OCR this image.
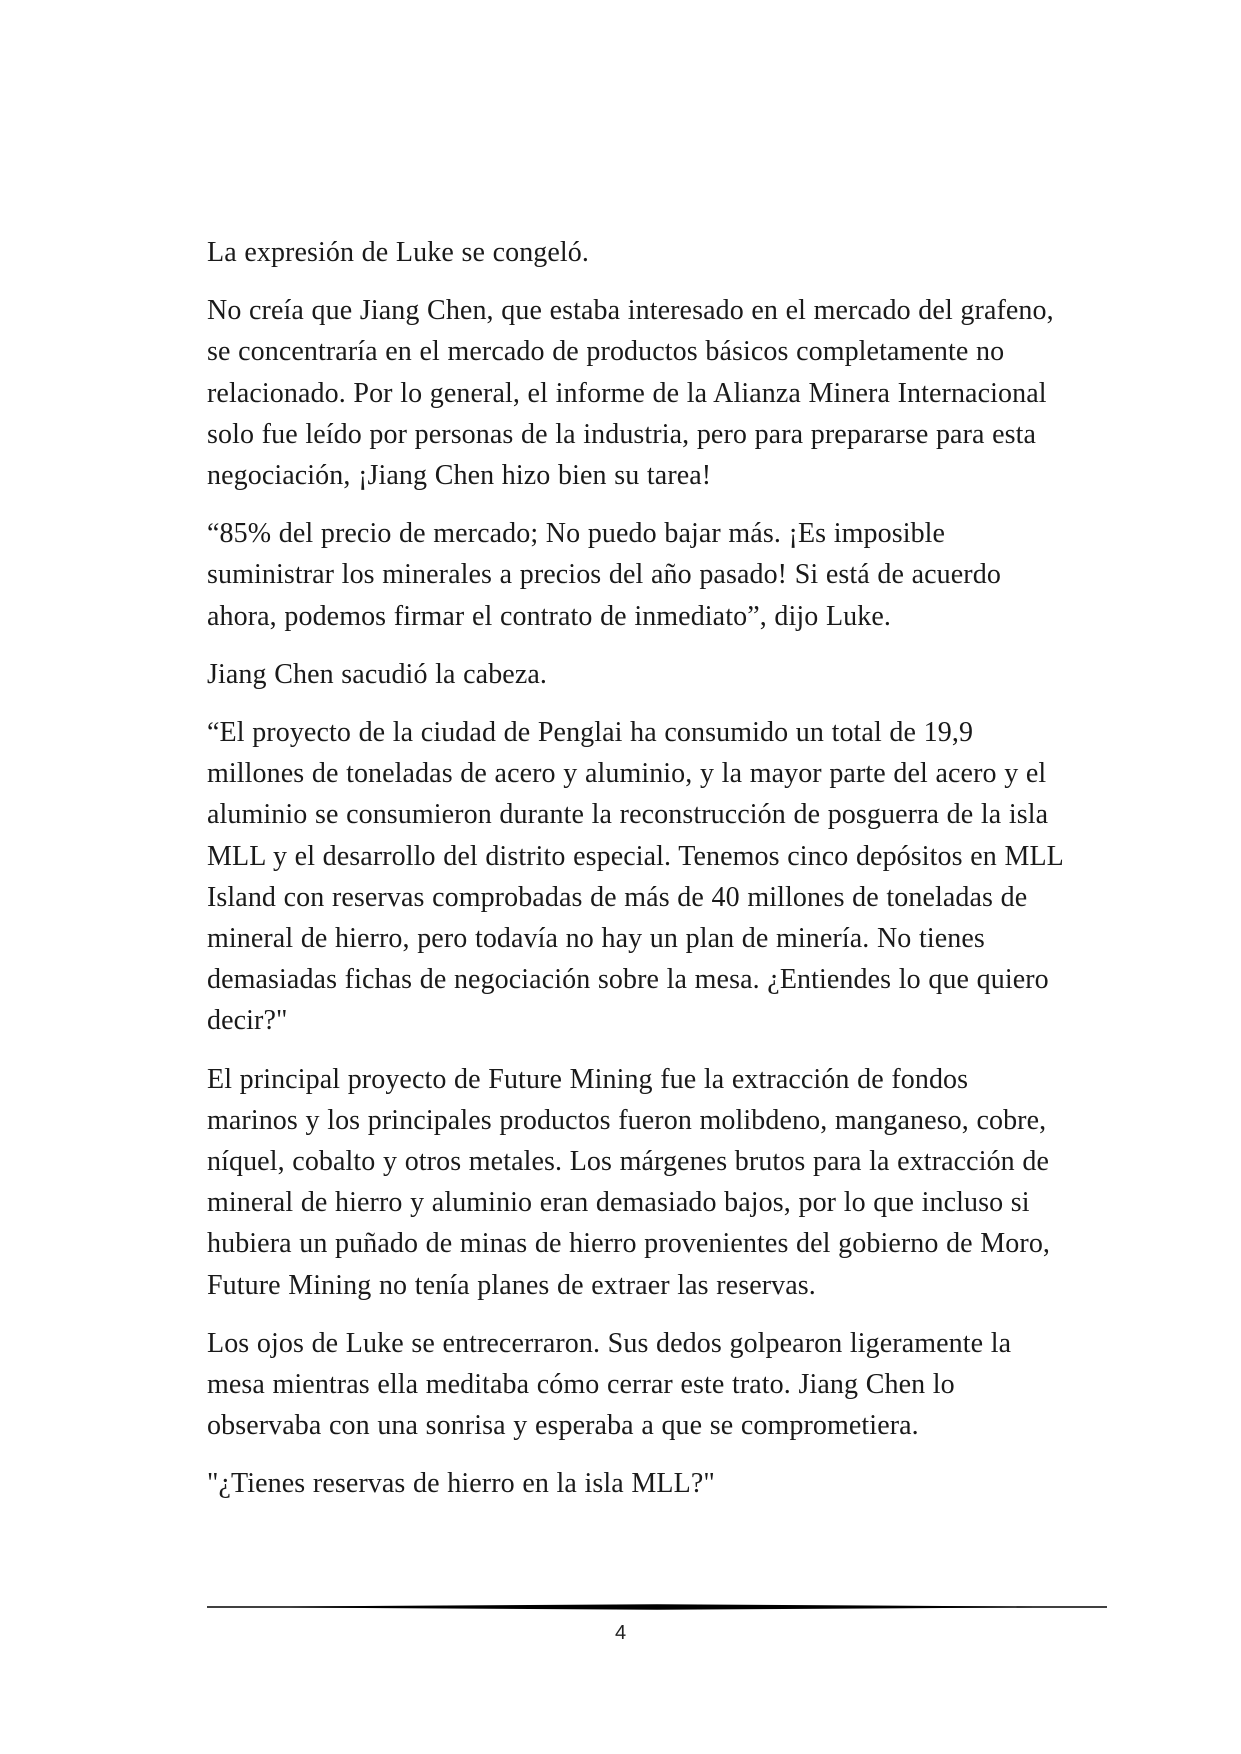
La expresión de Luke se congeló.

No creía que Jiang Chen, que estaba interesado en el mercado del grafeno, se concentraría en el mercado de productos básicos completamente no relacionado. Por lo general, el informe de la Alianza Minera Internacional solo fue leído por personas de la industria, pero para prepararse para esta negociación, ¡Jiang Chen hizo bien su tarea!

“85% del precio de mercado; No puedo bajar más. ¡Es imposible suministrar los minerales a precios del año pasado! Si está de acuerdo ahora, podemos firmar el contrato de inmediato”, dijo Luke.

Jiang Chen sacudió la cabeza.

“El proyecto de la ciudad de Penglai ha consumido un total de 19,9 millones de toneladas de acero y aluminio, y la mayor parte del acero y el aluminio se consumieron durante la reconstrucción de posguerra de la isla MLL y el desarrollo del distrito especial. Tenemos cinco depósitos en MLL Island con reservas comprobadas de más de 40 millones de toneladas de mineral de hierro, pero todavía no hay un plan de minería. No tienes demasiadas fichas de negociación sobre la mesa. ¿Entiendes lo que quiero decir?"

El principal proyecto de Future Mining fue la extracción de fondos marinos y los principales productos fueron molibdeno, manganeso, cobre, níquel, cobalto y otros metales. Los márgenes brutos para la extracción de mineral de hierro y aluminio eran demasiado bajos, por lo que incluso si hubiera un puñado de minas de hierro provenientes del gobierno de Moro, Future Mining no tenía planes de extraer las reservas.

Los ojos de Luke se entrecerraron. Sus dedos golpearon ligeramente la mesa mientras ella meditaba cómo cerrar este trato. Jiang Chen lo observaba con una sonrisa y esperaba a que se comprometiera.

"¿Tienes reservas de hierro en la isla MLL?"

4
